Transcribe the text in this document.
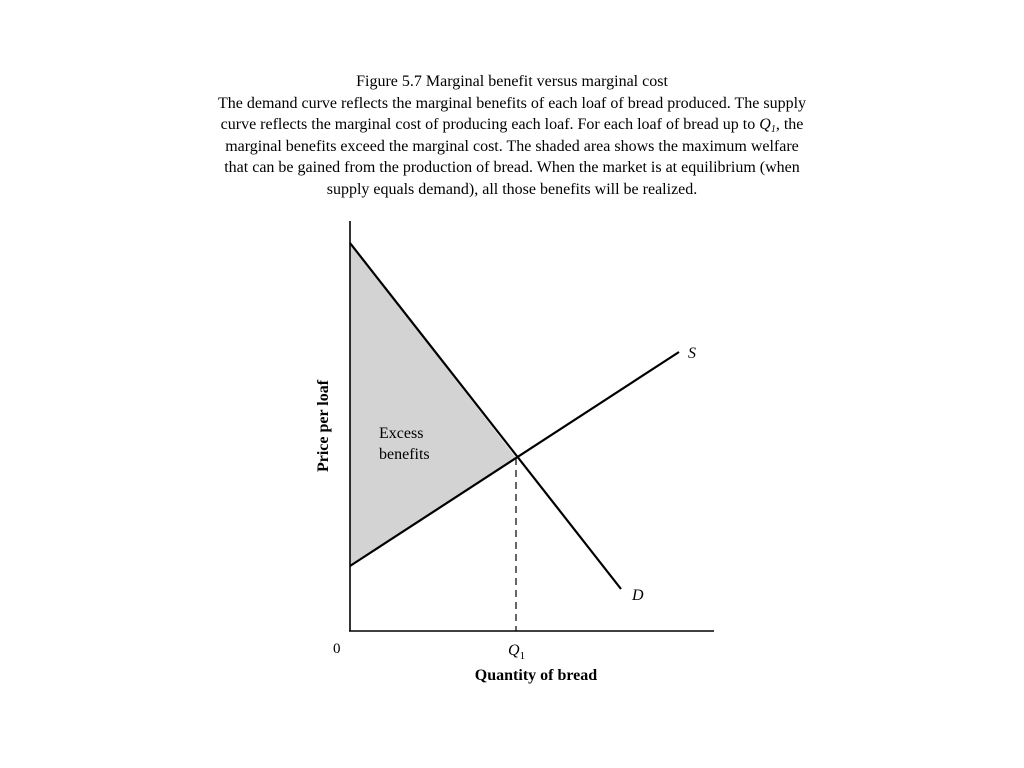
Figure 5.7 Marginal benefit versus marginal cost
The demand curve reflects the marginal benefits of each loaf of bread produced. The supply
curve reflects the marginal cost of producing each loaf. For each loaf of bread up to $Q_1$, the
marginal benefits exceed the marginal cost. The shaded area shows the maximum welfare
that can be gained from the production of bread. When the market is at equilibrium (when
supply equals demand), all those benefits will be realized.
S
D
Excess
benefits
0	$Q_1$
Quantity of bread
Price per loaf
